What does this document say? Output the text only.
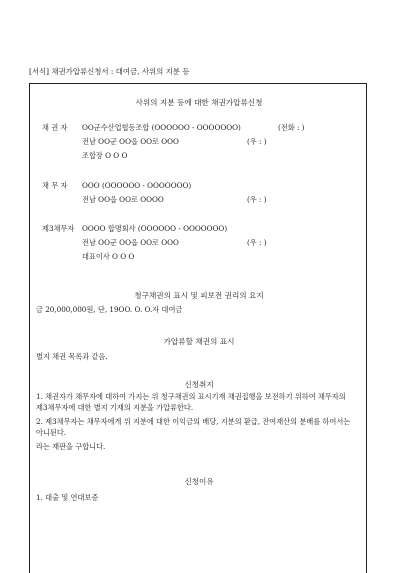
[서식] 채권가압류신청서 : 대여금, 사위의 지분 등
사위의 지분 등에 대한 채권가압류신청
채 권 자 OO군수산업협동조합 (OOOOOO - OOOOOOO)	(전화 : )
전남 OO군 OO읍 OO로 OOO	(우 : )
조합장 O O O
채 무 자 OOO (OOOOOO - OOOOOOO)
전남 OO읍 OO로 OOOO	(우 : )
제3채무자 OOOO 합명회사 (OOOOOO - OOOOOOO)
전남 OO군 OO읍 OO로 OOO	(우 : )
대표이사 O O O
청구채권의 표시 및 피보전 권리의 요지
금 20,000,000원, 단, 19OO. O. O.자 대여금
가압류할 채권의 표시
별지 채권 목록과 같음.
신청취지
1. 채권자가 채무자에 대하여 가지는 위 청구채권의 표시기재 채권집행을 보전하기 위하여 채무자의 제3채무자에 대한 별지 기재의 지분을 가압류한다.
2. 제3채무자는 채무자에게 위 지분에 대한 이익금의 배당, 지분의 환급, 잔여재산의 분배를 하여서는 아니된다.
라는 재판을 구합니다.
신청이유
1. 대출 및 연대보증
